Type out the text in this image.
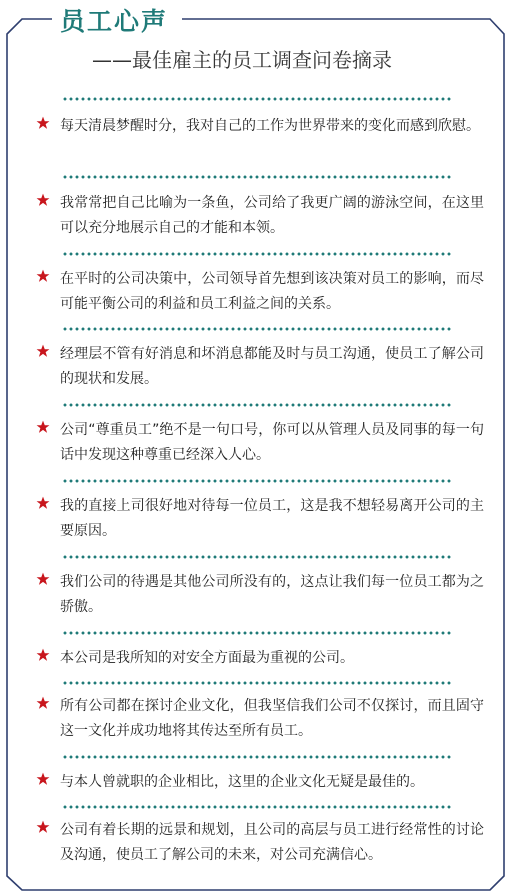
员工心声
——最佳雇主的员工调查问卷摘录
每天清晨梦醒时分，我对自己的工作为世界带来的变化而感到欣慰。
我常常把自己比喻为一条鱼，公司给了我更广阔的游泳空间，在这里可以充分地展示自己的才能和本领。
在平时的公司决策中，公司领导首先想到该决策对员工的影响，而尽可能平衡公司的利益和员工利益之间的关系。
经理层不管有好消息和坏消息都能及时与员工沟通，使员工了解公司的现状和发展。
公司“尊重员工”绝不是一句口号，你可以从管理人员及同事的每一句话中发现这种尊重已经深入人心。
我的直接上司很好地对待每一位员工，这是我不想轻易离开公司的主要原因。
我们公司的待遇是其他公司所没有的，这点让我们每一位员工都为之骄傲。
本公司是我所知的对安全方面最为重视的公司。
所有公司都在探讨企业文化，但我坚信我们公司不仅探讨，而且固守这一文化并成功地将其传达至所有员工。
与本人曾就职的企业相比，这里的企业文化无疑是最佳的。
公司有着长期的远景和规划，且公司的高层与员工进行经常性的讨论及沟通，使员工了解公司的未来，对公司充满信心。
